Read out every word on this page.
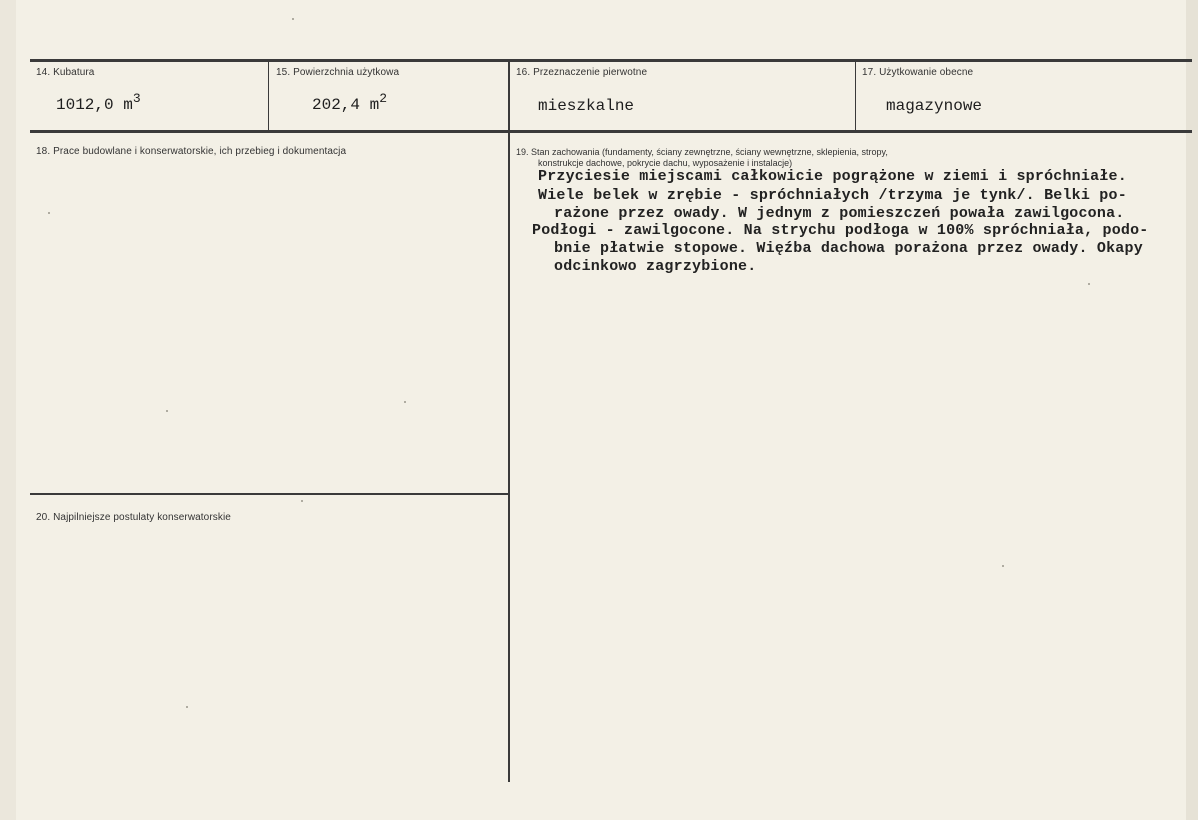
14. Kubatura
1012,0 $m^3$
15. Powierzchnia użytkowa
202,4 $m^2$
16. Przeznaczenie pierwotne
mieszkalne
17. Użytkowanie obecne
magazynowe
18. Prace budowlane i konserwatorskie, ich przebieg i dokumentacja	19. Stan zachowania (fundamenty, ściany zewnętrzne, ściany wewnętrzne, sklepienia, stropy,
konstrukcje dachowe, pokrycie dachu, wyposażenie i instalacje)
Przyciesie miejscami całkowicie pogrążone w ziemi i spróchniałe.
Wiele belek w zrębie - spróchniałych /trzyma je tynk/. Belki po-
rażone przez owady. W jednym z pomieszczeń powała zawilgocona.
Podłogi - zawilgocone. Na strychu podłoga w 100% spróchniała, podo-
bnie płatwie stopowe. Więźba dachowa porażona przez owady. Okapy
odcinkowo zagrzybione.
20. Najpilniejsze postulaty konserwatorskie
